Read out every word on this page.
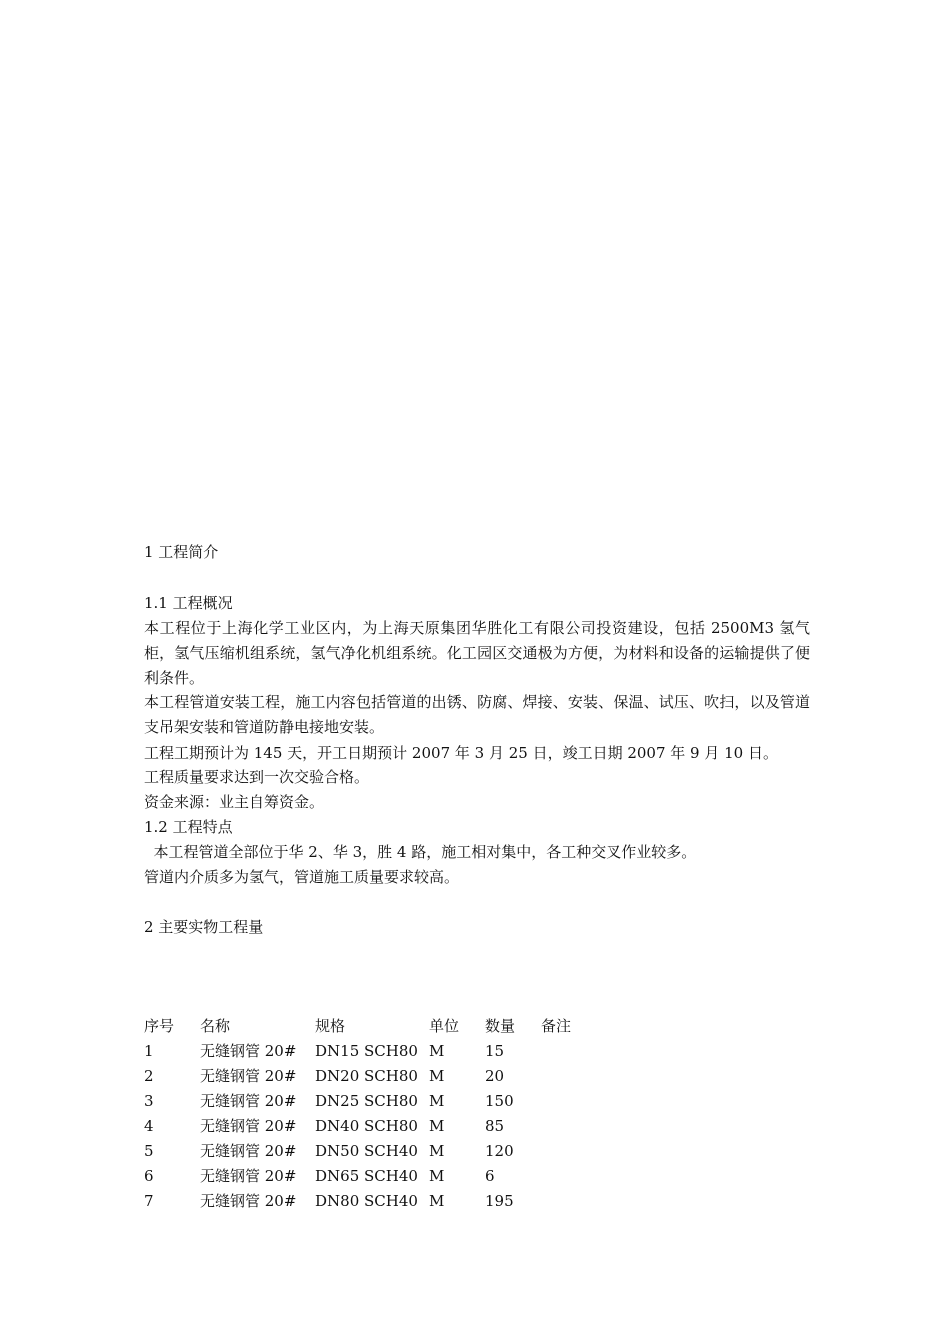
1 工程简介
1.1 工程概况
本工程位于上海化学工业区内，为上海天原集团华胜化工有限公司投资建设，包括 2500M3 氢气柜，氢气压缩机组系统，氢气净化机组系统。化工园区交通极为方便，为材料和设备的运输提供了便利条件。
本工程管道安装工程，施工内容包括管道的出锈、防腐、焊接、安装、保温、试压、吹扫，以及管道支吊架安装和管道防静电接地安装。
工程工期预计为 145 天，开工日期预计 2007 年 3 月 25 日，竣工日期 2007 年 9 月 10 日。
工程质量要求达到一次交验合格。
资金来源：业主自筹资金。
1.2 工程特点
本工程管道全部位于华 2、华 3，胜 4 路，施工相对集中，各工种交叉作业较多。
管道内介质多为氢气，管道施工质量要求较高。
2 主要实物工程量
序号	名称	规格	单位	数量	备注
1	无缝钢管 20#	DN15 SCH80	M	15	
2	无缝钢管 20#	DN20 SCH80	M	20	
3	无缝钢管 20#	DN25 SCH80	M	150	
4	无缝钢管 20#	DN40 SCH80	M	85	
5	无缝钢管 20#	DN50 SCH40	M	120	
6	无缝钢管 20#	DN65 SCH40	M	6	
7	无缝钢管 20#	DN80 SCH40	M	195	
